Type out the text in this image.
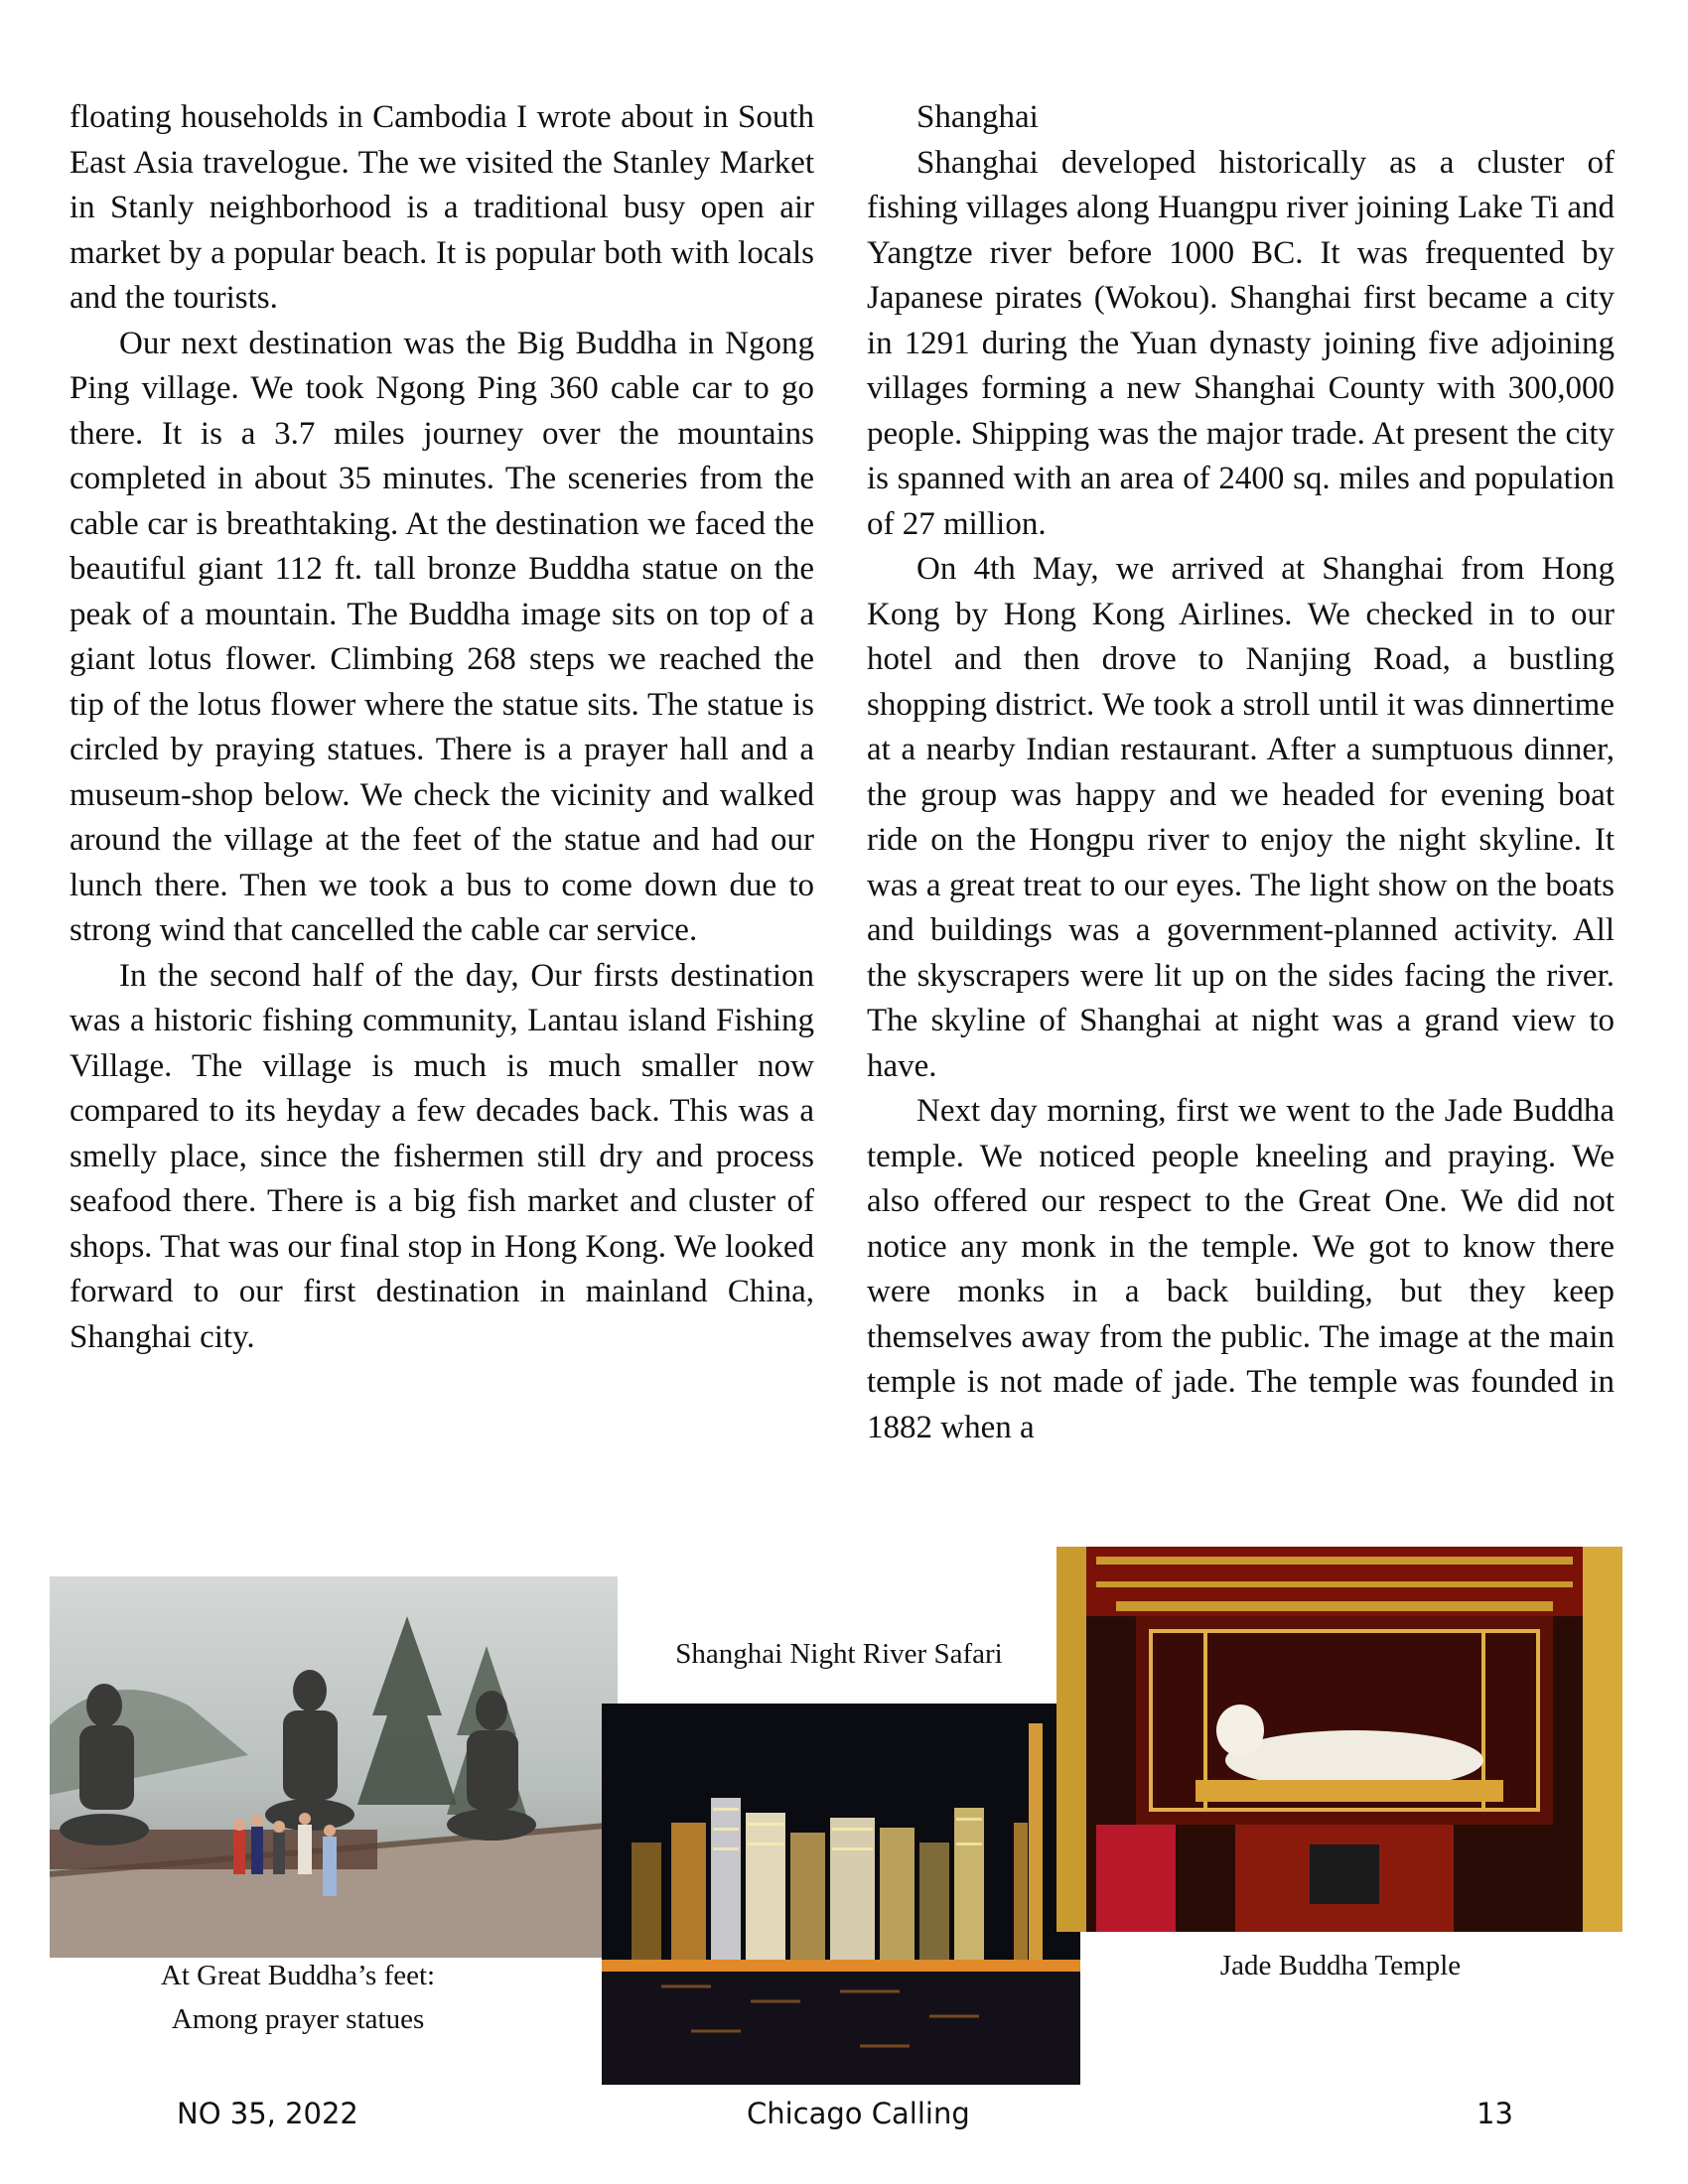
floating households in Cambodia I wrote about in South East Asia travelogue. The we visited the Stanley Market in Stanly neighborhood is a traditional busy open air market by a popular beach. It is popular both with locals and the tourists.

Our next destination was the Big Buddha in Ngong Ping village. We took Ngong Ping 360 cable car to go there. It is a 3.7 miles journey over the mountains completed in about 35 minutes. The sceneries from the cable car is breathtaking. At the destination we faced the beautiful giant 112 ft. tall bronze Buddha statue on the peak of a mountain. The Buddha image sits on top of a giant lotus flower. Climbing 268 steps we reached the tip of the lotus flower where the statue sits. The statue is circled by praying statues. There is a prayer hall and a museum-shop below. We check the vicinity and walked around the village at the feet of the statue and had our lunch there. Then we took a bus to come down due to strong wind that cancelled the cable car service.

In the second half of the day, Our firsts destination was a historic fishing community, Lantau island Fishing Village. The village is much is much smaller now compared to its heyday a few decades back. This was a smelly place, since the fishermen still dry and process seafood there. There is a big fish market and cluster of shops. That was our final stop in Hong Kong. We looked forward to our first destination in mainland China, Shanghai city.

Shanghai

Shanghai developed historically as a cluster of fishing villages along Huangpu river joining Lake Ti and Yangtze river before 1000 BC. It was frequented by Japanese pirates (Wokou). Shanghai first became a city in 1291 during the Yuan dynasty joining five adjoining villages forming a new Shanghai County with 300,000 people. Shipping was the major trade. At present the city is spanned with an area of 2400 sq. miles and population of 27 million.

On 4th May, we arrived at Shanghai from Hong Kong by Hong Kong Airlines. We checked in to our hotel and then drove to Nanjing Road, a bustling shopping district. We took a stroll until it was dinnertime at a nearby Indian restaurant. After a sumptuous dinner, the group was happy and we headed for evening boat ride on the Hongpu river to enjoy the night skyline. It was a great treat to our eyes. The light show on the boats and buildings was a government-planned activity. All the skyscrapers were lit up on the sides facing the river. The skyline of Shanghai at night was a grand view to have.

Next day morning, first we went to the Jade Buddha temple. We noticed people kneeling and praying. We also offered our respect to the Great One. We did not notice any monk in the temple. We got to know there were monks in a back building, but they keep themselves away from the public. The image at the main temple is not made of jade. The temple was founded in 1882 when a

At Great Buddha’s feet:
Among prayer statues
Shanghai Night River Safari
Jade Buddha Temple
NO 35, 2022	Chicago Calling	13
